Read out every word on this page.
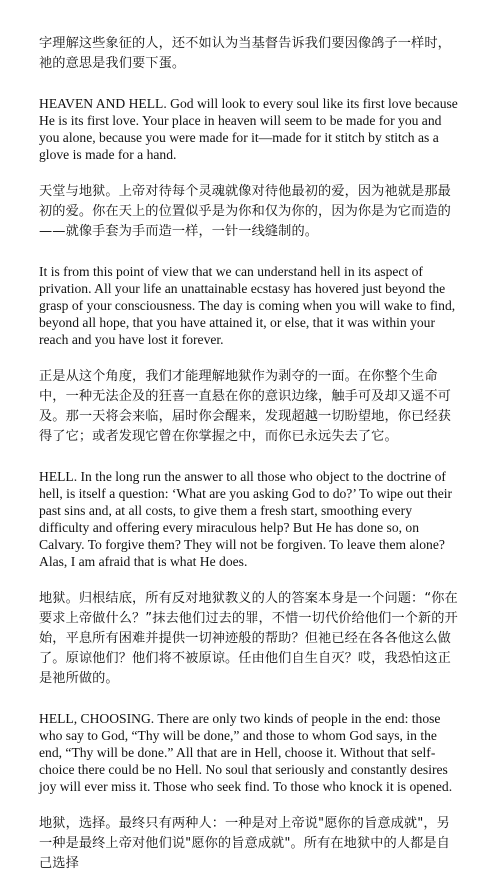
字理解这些象征的人，还不如认为当基督告诉我们要因像鸽子一样时，祂的意思是我们要下蛋。

HEAVEN AND HELL. God will look to every soul like its first love because He is its first love. Your place in heaven will seem to be made for you and you alone, because you were made for it—made for it stitch by stitch as a glove is made for a hand.

天堂与地狱。上帝对待每个灵魂就像对待他最初的爱，因为祂就是那最初的爱。你在天上的位置似乎是为你和仅为你的，因为你是为它而造的——就像手套为手而造一样，一针一线缝制的。

It is from this point of view that we can understand hell in its aspect of privation. All your life an unattainable ecstasy has hovered just beyond the grasp of your consciousness. The day is coming when you will wake to find, beyond all hope, that you have attained it, or else, that it was within your reach and you have lost it forever.

正是从这个角度，我们才能理解地狱作为剥夺的一面。在你整个生命中，一种无法企及的狂喜一直悬在你的意识边缘，触手可及却又遥不可及。那一天将会来临，届时你会醒来，发现超越一切盼望地，你已经获得了它；或者发现它曾在你掌握之中，而你已永远失去了它。

HELL. In the long run the answer to all those who object to the doctrine of hell, is itself a question: ‘What are you asking God to do?’ To wipe out their past sins and, at all costs, to give them a fresh start, smoothing every difficulty and offering every miraculous help? But He has done so, on Calvary. To forgive them? They will not be forgiven. To leave them alone? Alas, I am afraid that is what He does.

地狱。归根结底，所有反对地狱教义的人的答案本身是一个问题：“你在要求上帝做什么？”抹去他们过去的罪，不惜一切代价给他们一个新的开始，平息所有困难并提供一切神迹般的帮助？但祂已经在各各他这么做了。原谅他们？他们将不被原谅。任由他们自生自灭？哎，我恐怕这正是祂所做的。

HELL, CHOOSING. There are only two kinds of people in the end: those who say to God, “Thy will be done,” and those to whom God says, in the end, “Thy will be done.” All that are in Hell, choose it. Without that self-choice there could be no Hell. No soul that seriously and constantly desires joy will ever miss it. Those who seek find. To those who knock it is opened.

地狱，选择。最终只有两种人：一种是对上帝说"愿你的旨意成就"，另一种是最终上帝对他们说"愿你的旨意成就"。所有在地狱中的人都是自己选择
